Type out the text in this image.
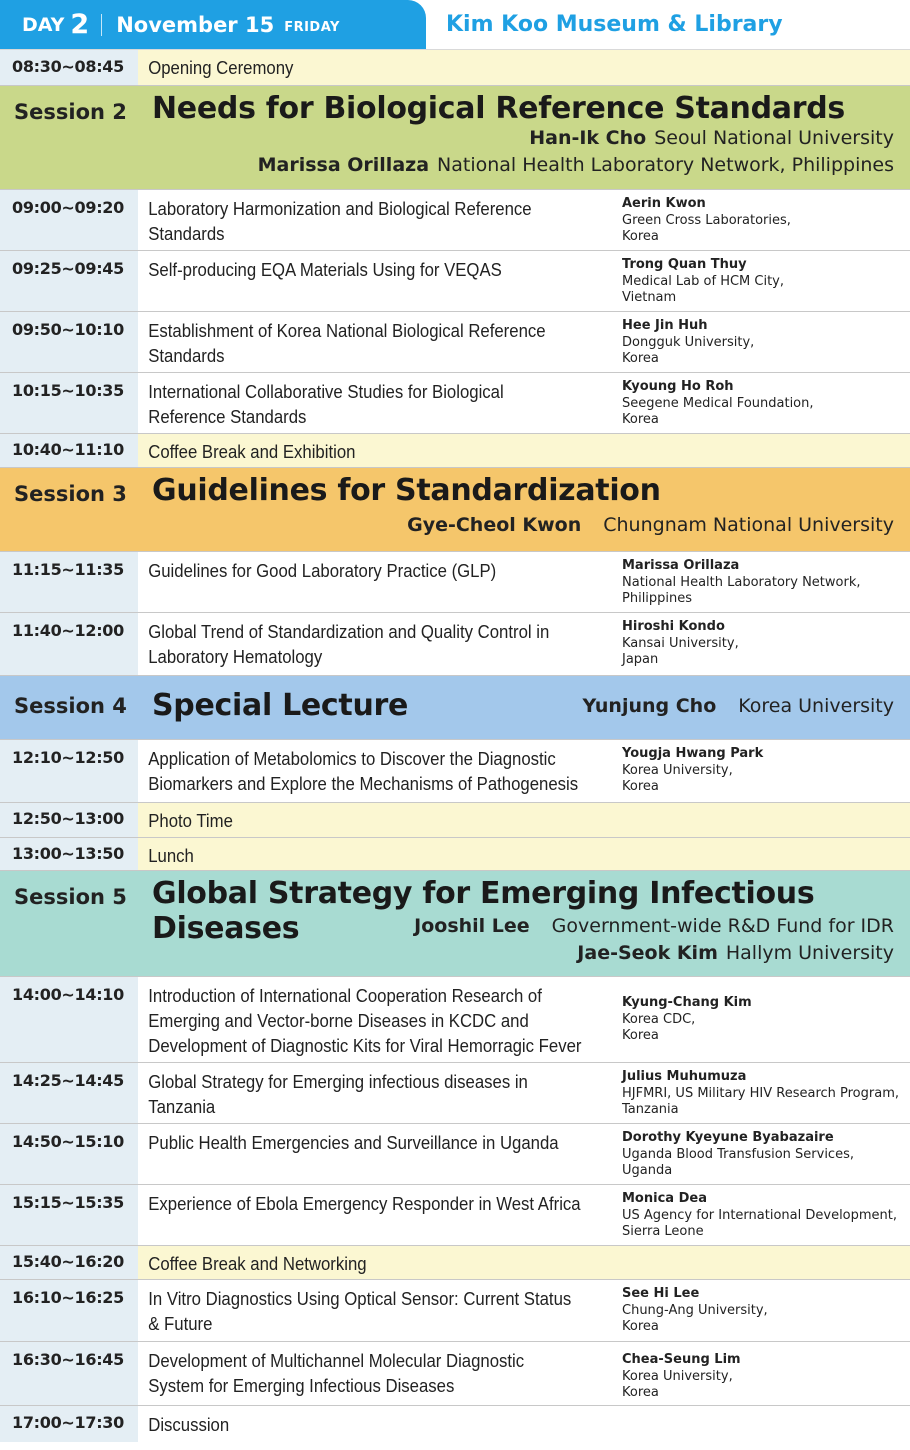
DAY 2 November 15 FRIDAY	Kim Koo Museum & Library
08:30~08:45	Opening Ceremony
Session 2 Needs for Biological Reference Standards
Han-Ik Cho Seoul National University
Marissa Orillaza National Health Laboratory Network, Philippines
09:00~09:20	Laboratory Harmonization and Biological Reference Standards
Aerin Kwon
Green Cross Laboratories,
Korea
09:25~09:45	Self-producing EQA Materials Using for VEQAS	Trong Quan Thuy
Medical Lab of HCM City,
Vietnam
09:50~10:10	Establishment of Korea National Biological Reference Standards
Hee Jin Huh
Dongguk University,
Korea
10:15~10:35	International Collaborative Studies for Biological Reference Standards
Kyoung Ho Roh
Seegene Medical Foundation,
Korea
10:40~11:10	Coffee Break and Exhibition
Session 3 Guidelines for Standardization
Gye-Cheol Kwon Chungnam National University
11:15~11:35	Guidelines for Good Laboratory Practice (GLP)	Marissa Orillaza
National Health Laboratory Network,
Philippines
11:40~12:00	Global Trend of Standardization and Quality Control in Laboratory Hematology
Hiroshi Kondo
Kansai University,
Japan
Session 4 Special Lecture	Yunjung Cho Korea University
12:10~12:50	Application of Metabolomics to Discover the Diagnostic Biomarkers and Explore the Mechanisms of Pathogenesis
Yougja Hwang Park
Korea University,
Korea
12:50~13:00	Photo Time
13:00~13:50	Lunch
Session 5 Global Strategy for Emerging Infectious Diseases	Jooshil Lee Government-wide R&D Fund for IDR
Jae-Seok Kim Hallym University
14:00~14:10	Introduction of International Cooperation Research of Emerging and Vector-borne Diseases in KCDC and Development of Diagnostic Kits for Viral Hemorragic Fever
Kyung-Chang Kim
Korea CDC,
Korea
14:25~14:45	Global Strategy for Emerging infectious diseases in Tanzania
Julius Muhumuza
HJFMRI, US Military HIV Research Program,
Tanzania
14:50~15:10	Public Health Emergencies and Surveillance in Uganda	Dorothy Kyeyune Byabazaire
Uganda Blood Transfusion Services,
Uganda
15:15~15:35	Experience of Ebola Emergency Responder in West Africa	Monica Dea
US Agency for International Development,
Sierra Leone
15:40~16:20	Coffee Break and Networking
16:10~16:25	In Vitro Diagnostics Using Optical Sensor: Current Status & Future
See Hi Lee
Chung-Ang University,
Korea
16:30~16:45	Development of Multichannel Molecular Diagnostic System for Emerging Infectious Diseases
Chea-Seung Lim
Korea University,
Korea
17:00~17:30	Discussion
